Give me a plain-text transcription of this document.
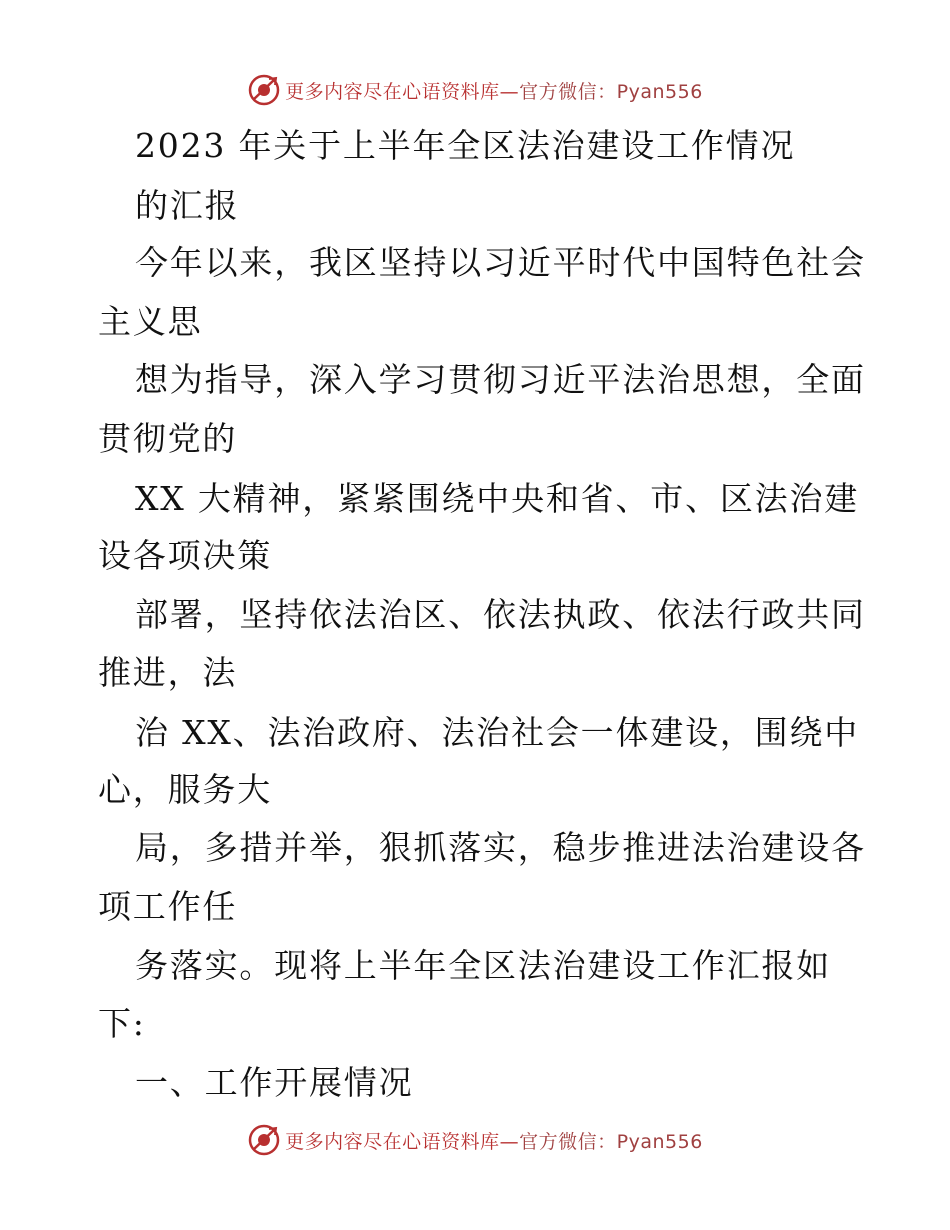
更多内容尽在心语资料库—官方微信：Pyan556
2023 年关于上半年全区法治建设工作情况
的汇报
今年以来，我区坚持以习近平时代中国特色社会
主义思
想为指导，深入学习贯彻习近平法治思想，全面
贯彻党的
XX 大精神，紧紧围绕中央和省、市、区法治建
设各项决策
部署，坚持依法治区、依法执政、依法行政共同
推进，法
治 XX、法治政府、法治社会一体建设，围绕中
心，服务大
局，多措并举，狠抓落实，稳步推进法治建设各
项工作任
务落实。现将上半年全区法治建设工作汇报如
下:
一、工作开展情况
更多内容尽在心语资料库—官方微信：Pyan556
